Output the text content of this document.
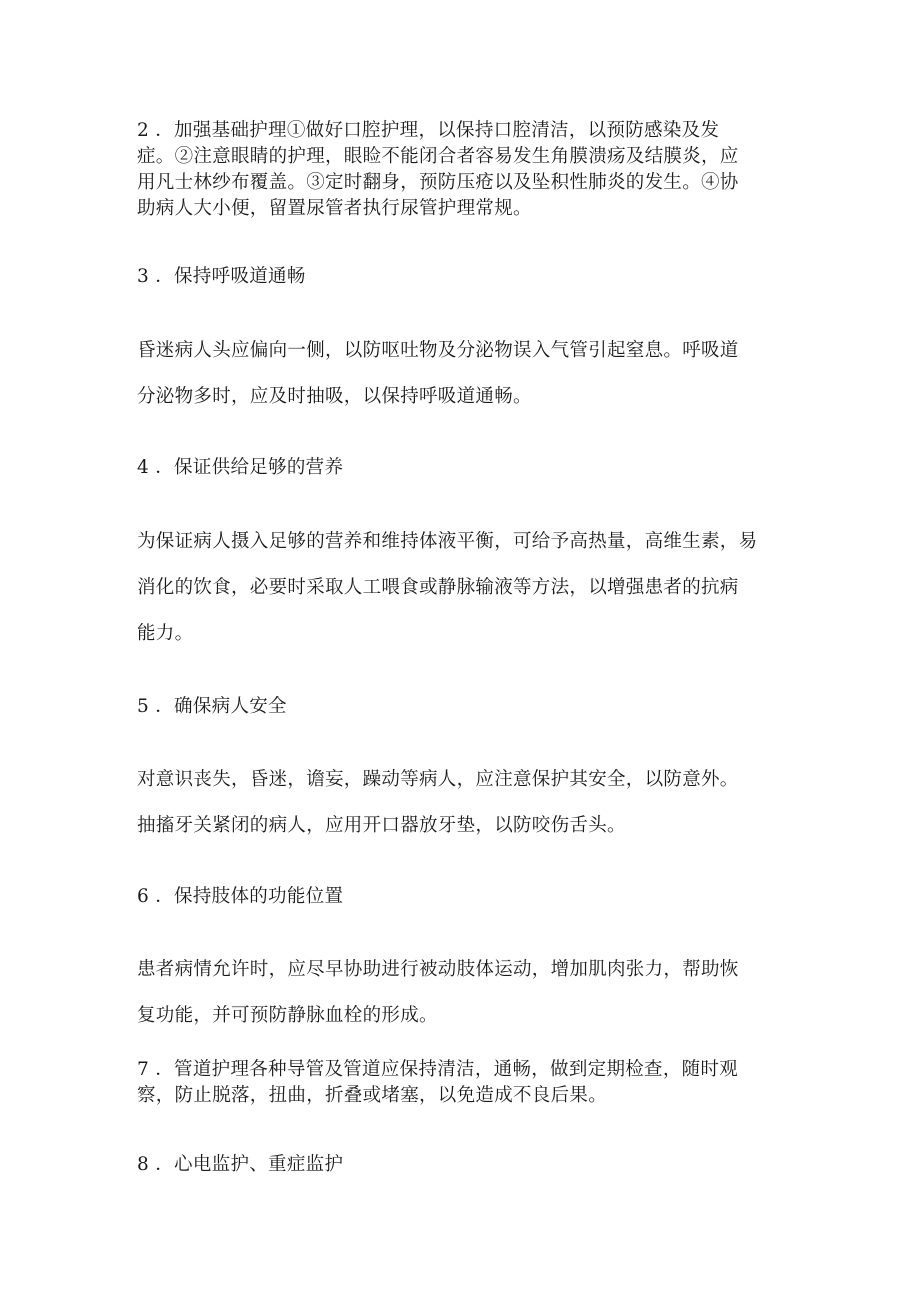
2 ．加强基础护理①做好口腔护理，以保持口腔清洁，以预防感染及发
症。②注意眼睛的护理，眼睑不能闭合者容易发生角膜溃疡及结膜炎，应
用凡士林纱布覆盖。③定时翻身，预防压疮以及坠积性肺炎的发生。④协
助病人大小便，留置尿管者执行尿管护理常规。
3 ．保持呼吸道通畅
昏迷病人头应偏向一侧，以防呕吐物及分泌物误入气管引起窒息。呼吸道
分泌物多时，应及时抽吸，以保持呼吸道通畅。
4 ．保证供给足够的营养
为保证病人摄入足够的营养和维持体液平衡，可给予高热量，高维生素，易
消化的饮食，必要时采取人工喂食或静脉输液等方法，以增强患者的抗病
能力。
5 ．确保病人安全
对意识丧失，昏迷，谵妄，躁动等病人，应注意保护其安全，以防意外。
抽搐牙关紧闭的病人，应用开口器放牙垫，以防咬伤舌头。
6 ．保持肢体的功能位置
患者病情允许时，应尽早协助进行被动肢体运动，增加肌肉张力，帮助恢
复功能，并可预防静脉血栓的形成。
7 ．管道护理各种导管及管道应保持清洁，通畅，做到定期检查，随时观
察，防止脱落，扭曲，折叠或堵塞，以免造成不良后果。
8 ．心电监护、重症监护
